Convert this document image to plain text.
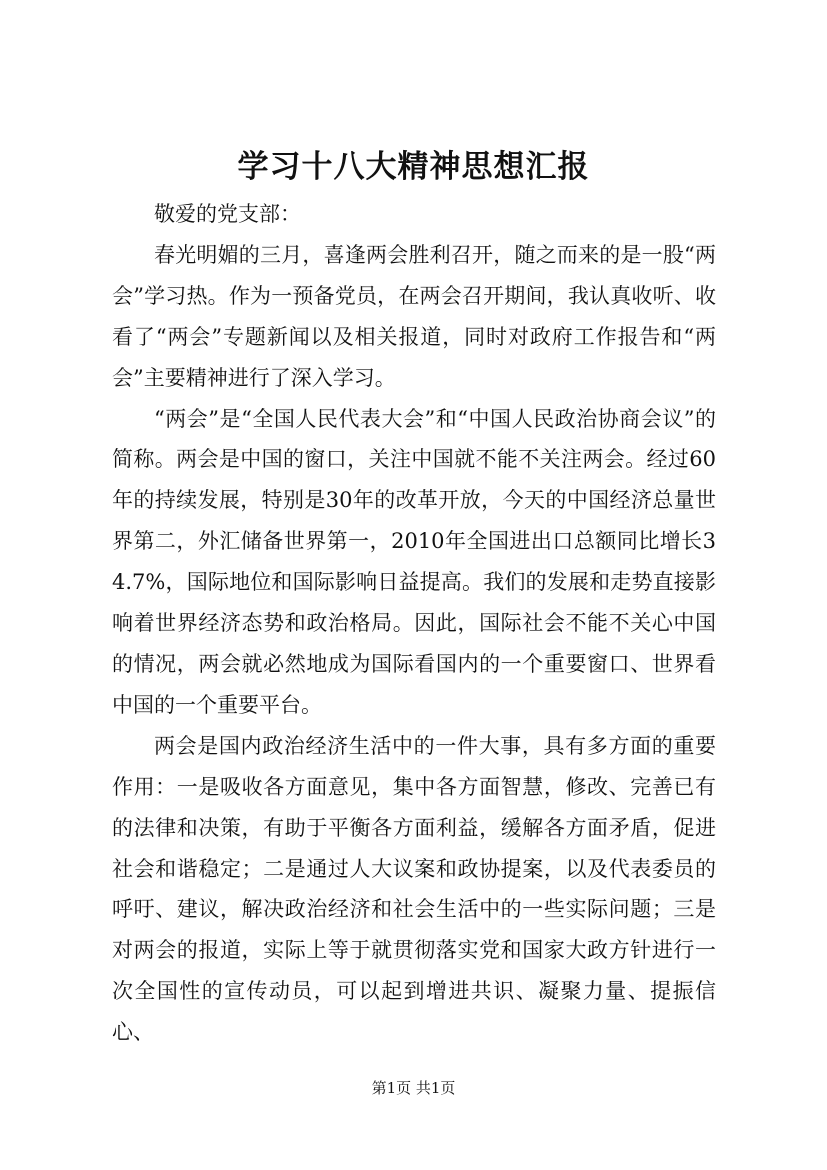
学习十八大精神思想汇报

敬爱的党支部：

春光明媚的三月，喜逢两会胜利召开，随之而来的是一股“两会”学习热。作为一预备党员，在两会召开期间，我认真收听、收看了“两会”专题新闻以及相关报道，同时对政府工作报告和“两会”主要精神进行了深入学习。

“两会”是“全国人民代表大会”和“中国人民政治协商会议”的简称。两会是中国的窗口，关注中国就不能不关注两会。经过60年的持续发展，特别是30年的改革开放，今天的中国经济总量世界第二，外汇储备世界第一，2010年全国进出口总额同比增长34.7%，国际地位和国际影响日益提高。我们的发展和走势直接影响着世界经济态势和政治格局。因此，国际社会不能不关心中国的情况，两会就必然地成为国际看国内的一个重要窗口、世界看中国的一个重要平台。

两会是国内政治经济生活中的一件大事，具有多方面的重要作用：一是吸收各方面意见，集中各方面智慧，修改、完善已有的法律和决策，有助于平衡各方面利益，缓解各方面矛盾，促进社会和谐稳定；二是通过人大议案和政协提案，以及代表委员的呼吁、建议，解决政治经济和社会生活中的一些实际问题；三是对两会的报道，实际上等于就贯彻落实党和国家大政方针进行一次全国性的宣传动员，可以起到增进共识、凝聚力量、提振信心、

第1页 共1页
